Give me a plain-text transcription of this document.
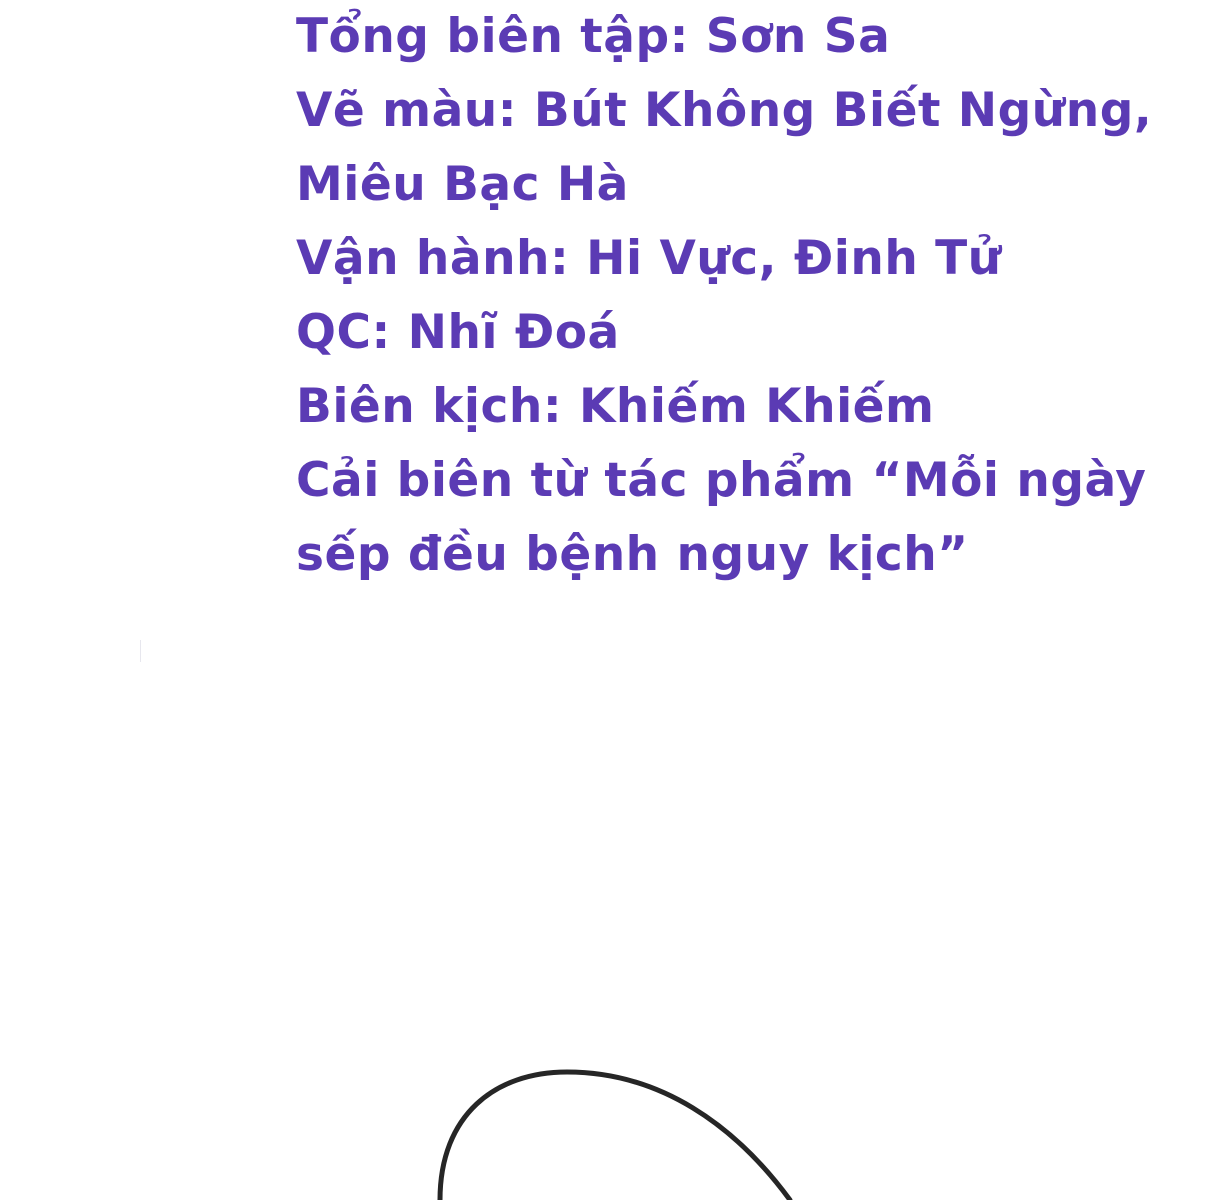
Tổng biên tập: Sơn Sa
Vẽ màu: Bút Không Biết Ngừng,
Miêu Bạc Hà
Vận hành: Hi Vực, Đinh Tử
QC: Nhĩ Đoá
Biên kịch: Khiếm Khiếm
Cải biên từ tác phẩm “Mỗi ngày
sếp đều bệnh nguy kịch”
